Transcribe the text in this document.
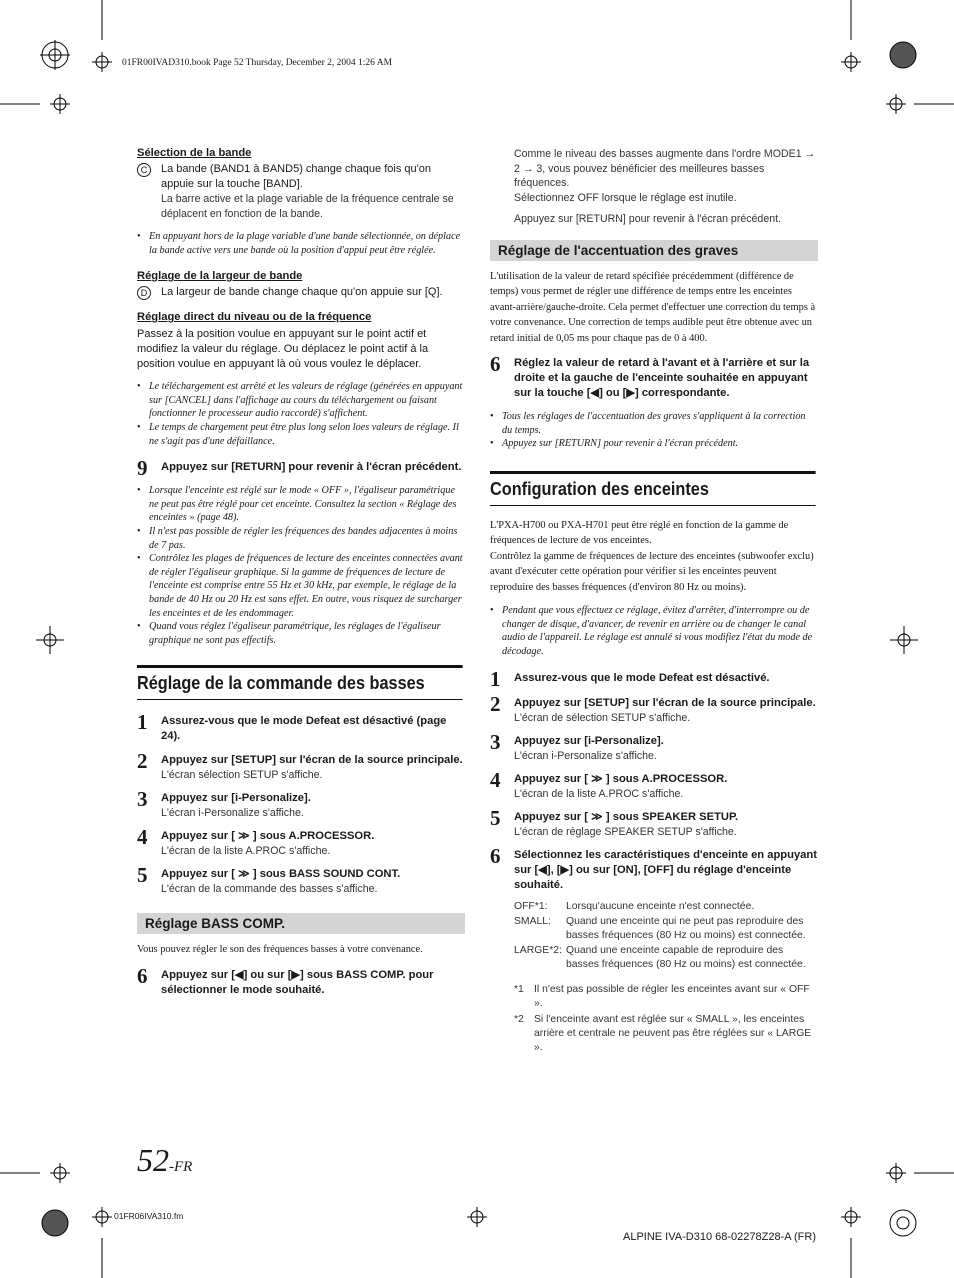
01FR00IVAD310.book Page 52 Thursday, December 2, 2004 1:26 AM

Sélection de la bande

C	La bande (BAND1 à BAND5) change chaque fois qu'on appuie sur la touche [BAND].

La barre active et la plage variable de la fréquence centrale se déplacent en fonction de la bande.

• En appuyant hors de la plage variable d'une bande sélectionnée, on déplace la bande active vers une bande où la position d'appui peut être réglée.

Réglage de la largeur de bande

D	La largeur de bande change chaque qu'on appuie sur [Q].

Réglage direct du niveau ou de la fréquence

Passez à la position voulue en appuyant sur le point actif et modifiez la valeur du réglage. Ou déplacez le point actif à la position voulue en appuyant là où vous voulez le déplacer.

• Le téléchargement est arrêté et les valeurs de réglage (générées en appuyant sur [CANCEL] dans l'affichage au cours du téléchargement ou faisant fonctionner le processeur audio raccordé) s'affichent.

• Le temps de chargement peut être plus long selon loes valeurs de réglage. Il ne s'agit pas d'une défaillance.

9 Appuyez sur [RETURN] pour revenir à l'écran précédent.

• Lorsque l'enceinte est réglé sur le mode « OFF », l'égaliseur paramétrique ne peut pas être réglé pour cet enceinte. Consultez la section « Réglage des enceintes » (page 48).

• Il n'est pas possible de régler les fréquences des bandes adjacentes à moins de 7 pas.

• Contrôlez les plages de fréquences de lecture des enceintes connectées avant de régler l'égaliseur graphique. Si la gamme de fréquences de lecture de l'enceinte est comprise entre 55 Hz et 30 kHz, par exemple, le réglage de la bande de 40 Hz ou 20 Hz est sans effet. En outre, vous risquez de surcharger les enceintes et de les endommager.

• Quand vous réglez l'égaliseur paramétrique, les réglages de l'égaliseur graphique ne sont pas effectifs.

Réglage de la commande des basses

1 Assurez-vous que le mode Defeat est désactivé (page 24).

2 Appuyez sur [SETUP] sur l'écran de la source principale.

L'écran sélection SETUP s'affiche.

3 Appuyez sur [i-Personalize].

L'écran i-Personalize s'affiche.

4 Appuyez sur [ ≫ ] sous A.PROCESSOR.

L'écran de la liste A.PROC s'affiche.

5 Appuyez sur [ ≫ ] sous BASS SOUND CONT.

L'écran de la commande des basses s'affiche.

Réglage BASS COMP.

Vous pouvez régler le son des fréquences basses à votre convenance.

6 Appuyez sur [◀] ou sur [▶] sous BASS COMP. pour sélectionner le mode souhaité.

Comme le niveau des basses augmente dans l'ordre MODE1 → 2 → 3, vous pouvez bénéficier des meilleures basses fréquences.

Sélectionnez OFF lorsque le réglage est inutile.

Appuyez sur [RETURN] pour revenir à l'écran précédent.

Réglage de l'accentuation des graves

L'utilisation de la valeur de retard spécifiée précédemment (différence de temps) vous permet de régler une différence de temps entre les enceintes avant-arrière/gauche-droite. Cela permet d'effectuer une correction du temps à votre convenance. Une correction de temps audible peut être obtenue avec un retard initial de 0,05 ms pour chaque pas de 0 à 400.

6 Réglez la valeur de retard à l'avant et à l'arrière et sur la droite et la gauche de l'enceinte souhaitée en appuyant sur la touche [◀] ou [▶] correspondante.

• Tous les réglages de l'accentuation des graves s'appliquent à la correction du temps.

• Appuyez sur [RETURN] pour revenir à l'écran précédent.

Configuration des enceintes

L'PXA-H700 ou PXA-H701 peut être réglé en fonction de la gamme de fréquences de lecture de vos enceintes.

Contrôlez la gamme de fréquences de lecture des enceintes (subwoofer exclu) avant d'exécuter cette opération pour vérifier si les enceintes peuvent reproduire des basses fréquences (d'environ 80 Hz ou moins).

• Pendant que vous effectuez ce réglage, évitez d'arrêter, d'interrompre ou de changer de disque, d'avancer, de revenir en arrière ou de changer le canal audio de l'appareil. Le réglage est annulé si vous modifiez l'état du mode de décodage.

1 Assurez-vous que le mode Defeat est désactivé.

2 Appuyez sur [SETUP] sur l'écran de la source principale.

L'écran de sélection SETUP s'affiche.

3 Appuyez sur [i-Personalize].

L'écran i-Personalize s'affiche.

4 Appuyez sur [ ≫ ] sous A.PROCESSOR.

L'écran de la liste A.PROC s'affiche.

5 Appuyez sur [ ≫ ] sous SPEAKER SETUP.

L'écran de réglage SPEAKER SETUP s'affiche.

6 Sélectionnez les caractéristiques d'enceinte en appuyant sur [◀], [▶] ou sur [ON], [OFF] du réglage d'enceinte souhaité.

OFF*1:	Lorsqu'aucune enceinte n'est connectée.
SMALL:	Quand une enceinte qui ne peut pas reproduire des basses fréquences (80 Hz ou moins) est connectée.
LARGE*2: Quand une enceinte capable de reproduire des basses fréquences (80 Hz ou moins) est connectée.
*1 Il n'est pas possible de régler les enceintes avant sur « OFF ».
*2 Si l'enceinte avant est réglée sur « SMALL », les enceintes arrière et centrale ne peuvent pas être réglées sur « LARGE ».
52-FR
01FR06IVA310.fm
ALPINE IVA-D310 68-02278Z28-A (FR)
